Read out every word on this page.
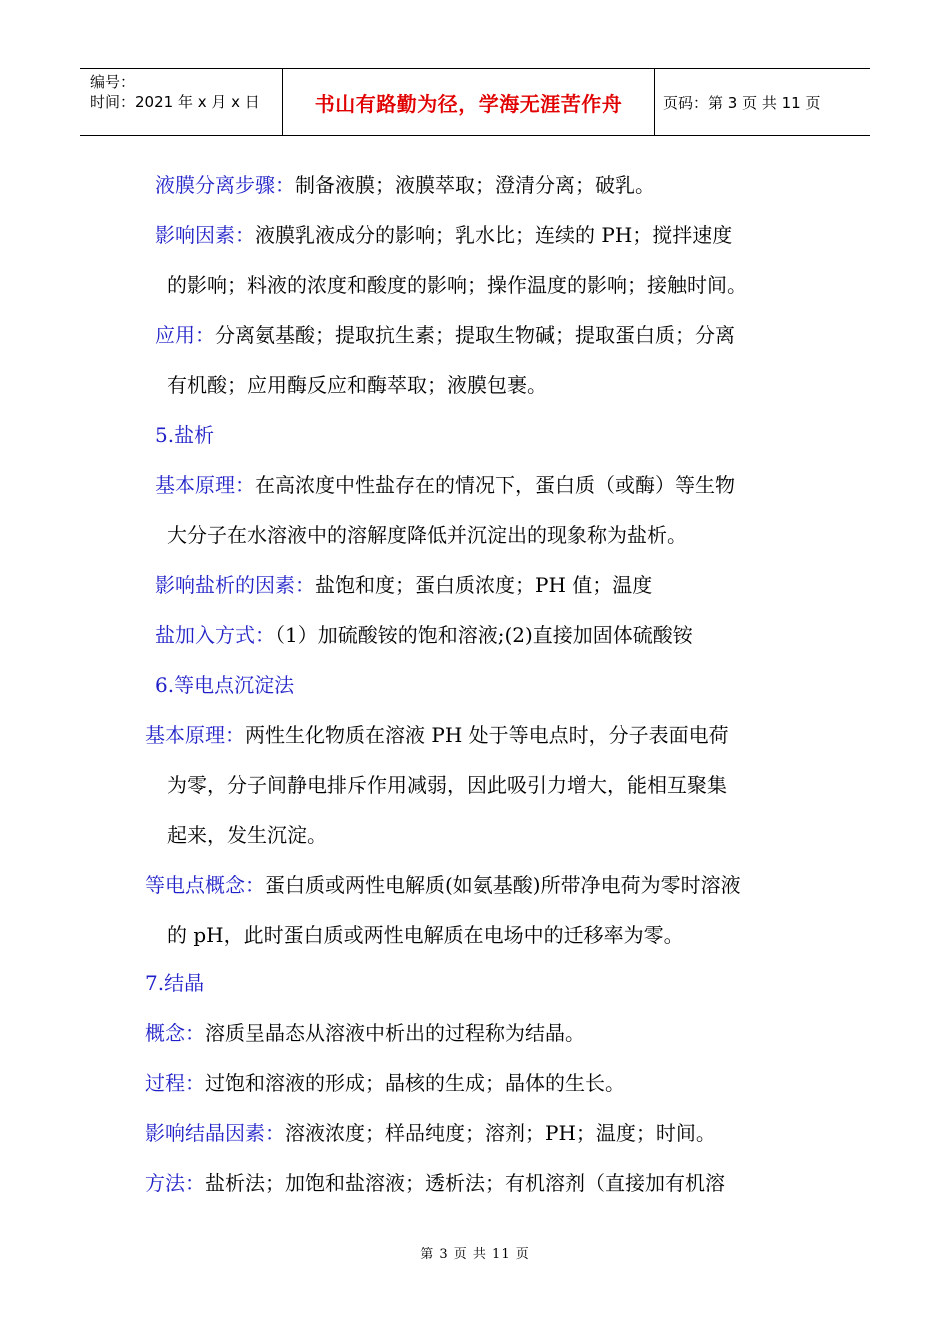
编号：
时间：2021 年 x 月 x 日	书山有路勤为径，学海无涯苦作舟	页码：第 3 页 共 11 页
液膜分离步骤：制备液膜；液膜萃取；澄清分离；破乳。
影响因素：液膜乳液成分的影响；乳水比；连续的 PH；搅拌速度
的影响；料液的浓度和酸度的影响；操作温度的影响；接触时间。
应用：分离氨基酸；提取抗生素；提取生物碱；提取蛋白质；分离
有机酸；应用酶反应和酶萃取；液膜包裹。
5.盐析
基本原理：在高浓度中性盐存在的情况下，蛋白质（或酶）等生物
大分子在水溶液中的溶解度降低并沉淀出的现象称为盐析。
影响盐析的因素：盐饱和度；蛋白质浓度；PH 值；温度
盐加入方式：（1）加硫酸铵的饱和溶液;(2)直接加固体硫酸铵
6.等电点沉淀法
基本原理：两性生化物质在溶液 PH 处于等电点时，分子表面电荷
为零，分子间静电排斥作用减弱，因此吸引力增大，能相互聚集
起来，发生沉淀。
等电点概念：蛋白质或两性电解质(如氨基酸)所带净电荷为零时溶液
的 pH，此时蛋白质或两性电解质在电场中的迁移率为零。
7.结晶
概念：溶质呈晶态从溶液中析出的过程称为结晶。
过程：过饱和溶液的形成；晶核的生成；晶体的生长。
影响结晶因素：溶液浓度；样品纯度；溶剂；PH；温度；时间。
方法：盐析法；加饱和盐溶液；透析法；有机溶剂（直接加有机溶
第 3 页 共 11 页
